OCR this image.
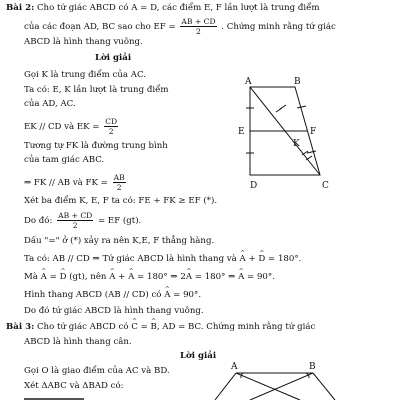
Bài 2: Cho tứ giác ABCD có A = D, các điểm E, F lần lượt là trung điểm
của các đoạn AD, BC sao cho EF = $\frac{AB + CD}{2}$ . Chứng minh rằng tứ giác
ABCD là hình thang vuông.
Lời giải
Gọi K là trung điểm của AC.
Ta có: E, K lần lượt là trung điểm
của AD, AC.
EK // CD và EK = $\frac{CD}{2}$
Tương tự FK là đường trung bình
của tam giác ABC.
⇒ FK // AB và FK = $\frac{AB}{2}$
Xét ba điểm K, E, F ta có: FE + FK ≥ EF (*).
Do đó: $\frac{AB + CD}{2}$ = EF (gt).
Dấu "=" ở (*) xảy ra nên K,E, F thẳng hàng.
Ta có: AB // CD ⇒ Tứ giác ABCD là hình thang và ^ A + ^ D = 180°.
Mà ^ A = ^ D (gt), nên ^ A + ^ A = 180° ⇒ 2^ A = 180° ⇒ ^ A = 90°.
Hình thang ABCD (AB // CD) có ^ A = 90°.
Do đó tứ giác ABCD là hình thang vuông.
Bài 3: Cho tứ giác ABCD có ^ C = ^ B, AD = BC. Chứng minh rằng tứ giác
ABCD là hình thang cân.
Lời giải
Gọi O là giao điểm của AC và BD.
Xét ΔABC và ΔBAD có:
A	B
C
D
E	F
K
A	B
